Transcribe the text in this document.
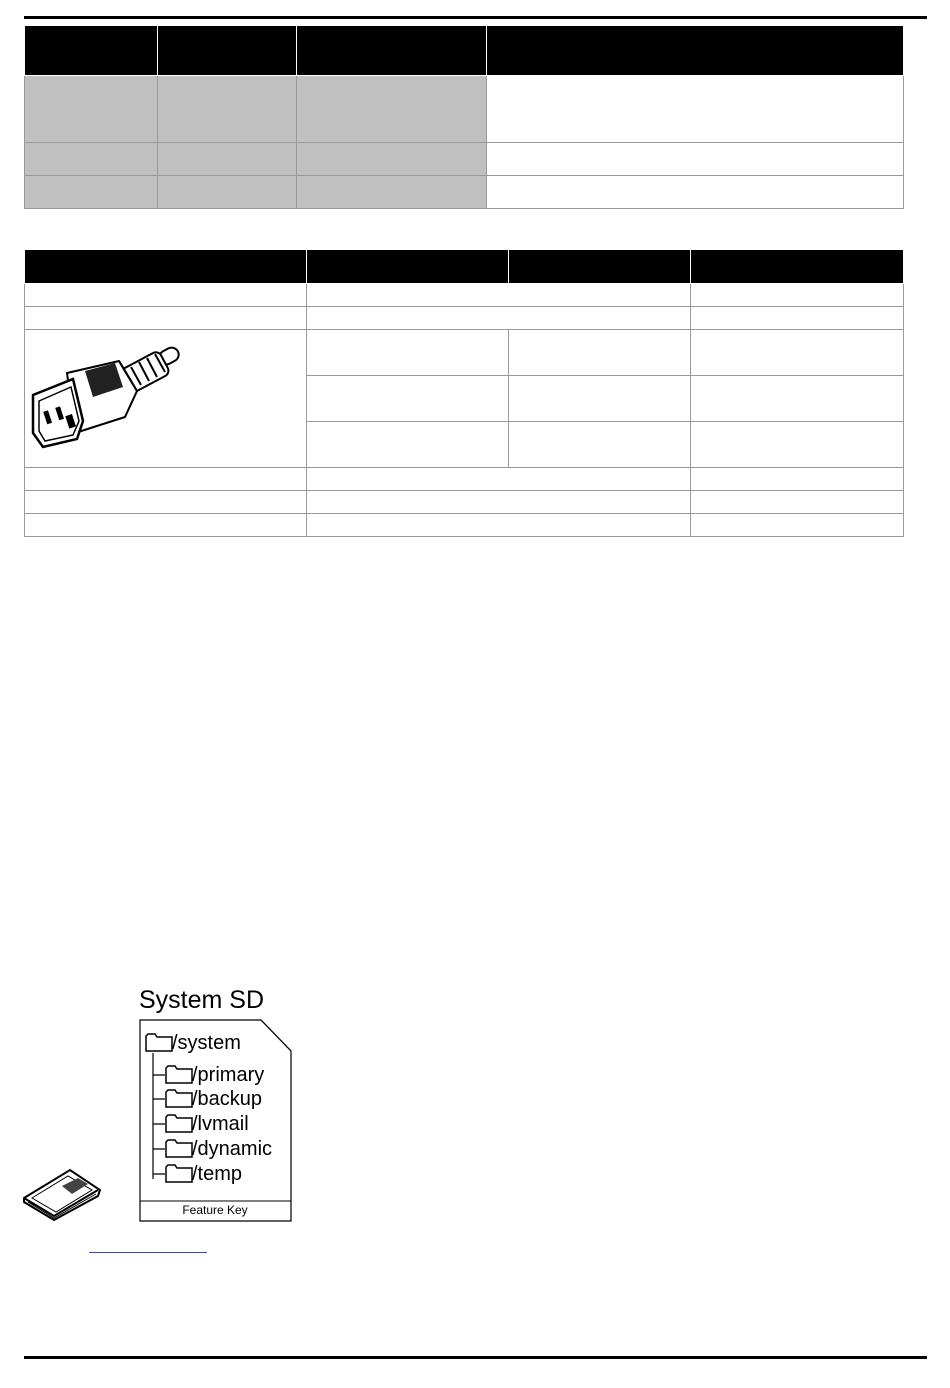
System SD
/system
/primary
/backup
/lvmail
/dynamic
/temp
Feature Key
